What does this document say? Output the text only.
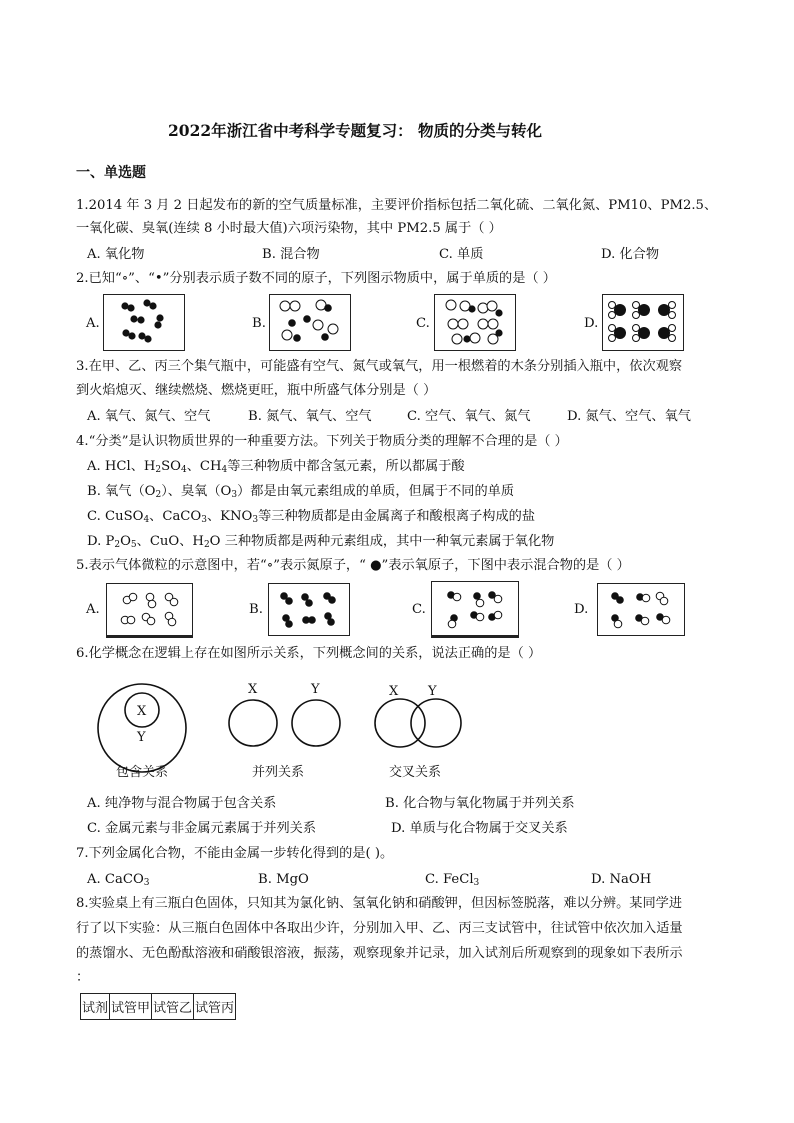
2022年浙江省中考科学专题复习： 物质的分类与转化
一、单选题
1.2014 年 3 月 2 日起发布的新的空气质量标准，主要评价指标包括二氧化硫、二氧化氮、PM10、PM2.5、
一氧化碳、臭氧(连续 8 小时最大值)六项污染物，其中 PM2.5 属于（ ）
A. 氧化物	B. 混合物	C. 单质	D. 化合物
2.已知“∘”、“•”分别表示质子数不同的原子，下列图示物质中，属于单质的是（ ）
A.	B.	C.	D.
3.在甲、乙、丙三个集气瓶中，可能盛有空气、氮气或氧气，用一根燃着的木条分别插入瓶中，依次观察
到火焰熄灭、继续燃烧、燃烧更旺，瓶中所盛气体分别是（ ）
A. 氧气、氮气、空气	B. 氮气、氧气、空气	C. 空气、氧气、氮气	D. 氮气、空气、氧气
4.“分类”是认识物质世界的一种重要方法。下列关于物质分类的理解不合理的是（ ）
A. HCl、$H_2SO_4$、$CH_4$等三种物质中都含氢元素，所以都属于酸
B. 氧气$(O_2)$、臭氧$(O_3)$都是由氧元素组成的单质，但属于不同的单质
C. CuSO$_4$、CaCO$_3$、$KNO_3$等三种物质都是由金属离子和酸根离子构成的盐
D. $P_2O_5$、CuO、$H_2O$ 三种物质都是两种元素组成，其中一种氧元素属于氧化物
5.表示气体微粒的示意图中，若“∘”表示氮原子，“ ●”表示氧原子，下图中表示混合物的是（ ）
A.	B.	C.	D.
6.化学概念在逻辑上存在如图所示关系，下列概念间的关系，说法正确的是（ ）
X
Y
X	Y	X Y
包含关系	并列关系	交叉关系
A. 纯净物与混合物属于包含关系	B. 化合物与氧化物属于并列关系
C. 金属元素与非金属元素属于并列关系	D. 单质与化合物属于交叉关系
7.下列金属化合物，不能由金属一步转化得到的是( )。
A. CaCO$_3$	B. MgO	C. FeCl$_3$	D. NaOH
8.实验桌上有三瓶白色固体，只知其为氯化钠、氢氧化钠和硝酸钾，但因标签脱落，难以分辨。某同学进
行了以下实验：从三瓶白色固体中各取出少许，分别加入甲、乙、丙三支试管中，往试管中依次加入适量
的蒸馏水、无色酚酞溶液和硝酸银溶液，振荡，观察现象并记录，加入试剂后所观察到的现象如下表所示
：
试剂	试管甲	试管乙	试管丙
